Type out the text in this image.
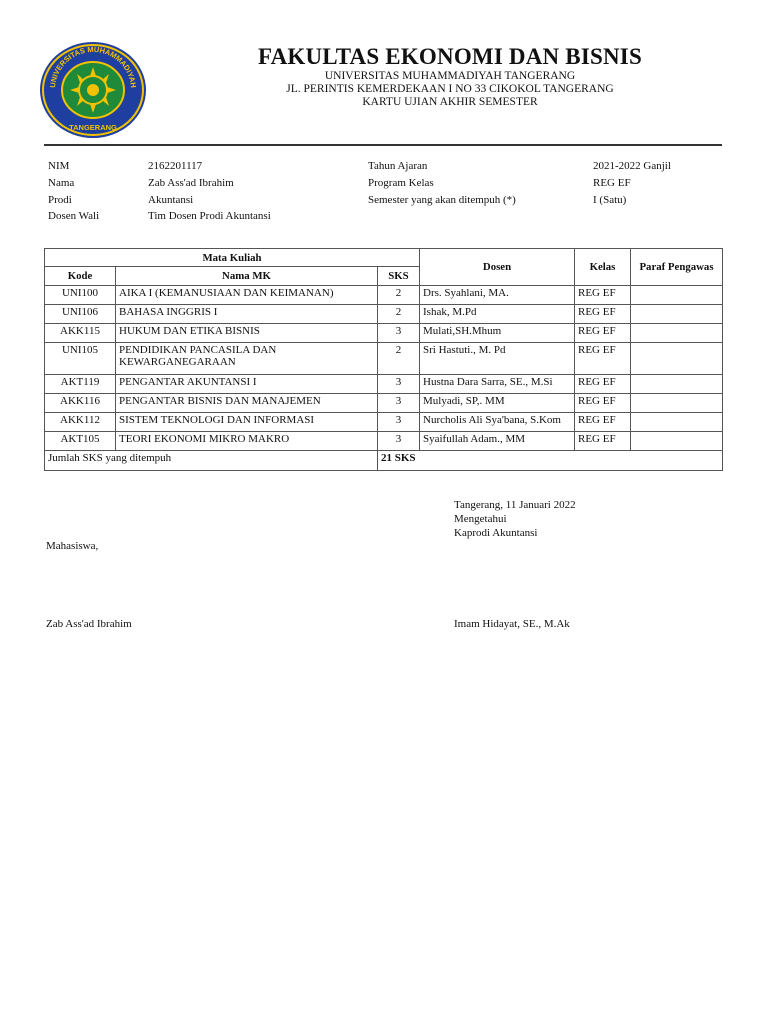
UNIVERSITAS MUHAMMADIYAH
TANGERANG
FAKULTAS EKONOMI DAN BISNIS
UNIVERSITAS MUHAMMADIYAH TANGERANG
JL. PERINTIS KEMERDEKAAN I NO 33 CIKOKOL TANGERANG
KARTU UJIAN AKHIR SEMESTER
NIM	2162201117
Nama	Zab Ass'ad Ibrahim
Prodi	Akuntansi
Dosen Wali	Tim Dosen Prodi Akuntansi
Tahun Ajaran	2021-2022 Ganjil
Program Kelas	REG EF
Semester yang akan ditempuh (*)	I (Satu)
Mata Kuliah			Dosen	Kelas	Paraf Pengawas
Kode	Nama MK	SKS			
UNI100	AIKA I (KEMANUSIAAN DAN KEIMANAN)	2	Drs. Syahlani, MA.	REG EF	
UNI106	BAHASA INGGRIS I	2	Ishak, M.Pd	REG EF	
AKK115	HUKUM DAN ETIKA BISNIS	3	Mulati,SH.Mhum	REG EF	
UNI105	PENDIDIKAN PANCASILA DAN KEWARGANEGARAAN	2	Sri Hastuti., M. Pd	REG EF	
AKT119	PENGANTAR AKUNTANSI I	3	Hustna Dara Sarra, SE., M.Si	REG EF	
AKK116	PENGANTAR BISNIS DAN MANAJEMEN	3	Mulyadi, SP,. MM	REG EF	
AKK112	SISTEM TEKNOLOGI DAN INFORMASI	3	Nurcholis Ali Sya'bana, S.Kom	REG EF	
AKT105	TEORI EKONOMI MIKRO MAKRO	3	Syaifullah Adam., MM	REG EF	
Jumlah SKS yang ditempuh		21 SKS			
Tangerang, 11 Januari 2022
Mengetahui
Kaprodi Akuntansi
Mahasiswa,
Zab Ass'ad Ibrahim	Imam Hidayat, SE., M.Ak
